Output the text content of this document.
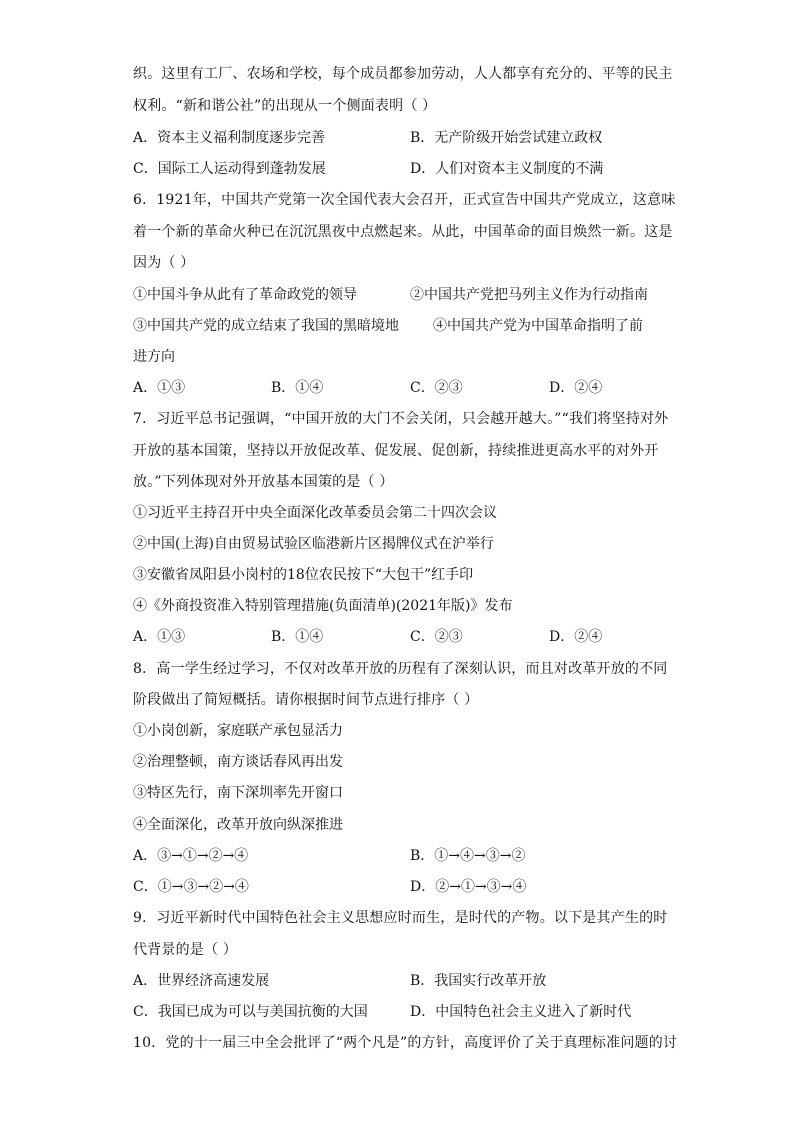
织。这里有工厂、农场和学校，每个成员都参加劳动，人人都享有充分的、平等的民主
权利。“新和谐公社”的出现从一个侧面表明（ ）
A．资本主义福利制度逐步完善	B．无产阶级开始尝试建立政权
C．国际工人运动得到蓬勃发展	D．人们对资本主义制度的不满
6．1921年，中国共产党第一次全国代表大会召开，正式宣告中国共产党成立，这意味
着一个新的革命火种已在沉沉黑夜中点燃起来。从此，中国革命的面目焕然一新。这是
因为（ ）
①中国斗争从此有了革命政党的领导	②中国共产党把马列主义作为行动指南
③中国共产党的成立结束了我国的黑暗境地 ④中国共产党为中国革命指明了前
进方向
A．①③	B．①④	C．②③	D．②④
7．习近平总书记强调，“中国开放的大门不会关闭，只会越开越大。”“我们将坚持对外
开放的基本国策，坚持以开放促改革、促发展、促创新，持续推进更高水平的对外开
放。”下列体现对外开放基本国策的是（ ）
①习近平主持召开中央全面深化改革委员会第二十四次会议
②中国(上海)自由贸易试验区临港新片区揭牌仪式在沪举行
③安徽省凤阳县小岗村的18位农民按下“大包干”红手印
④《外商投资准入特别管理措施(负面清单)(2021年版)》发布
A．①③	B．①④	C．②③	D．②④
8．高一学生经过学习，不仅对改革开放的历程有了深刻认识，而且对改革开放的不同
阶段做出了简短概括。请你根据时间节点进行排序（ ）
①小岗创新，家庭联产承包显活力
②治理整顿，南方谈话春风再出发
③特区先行，南下深圳率先开窗口
④全面深化，改革开放向纵深推进
A．③→①→②→④	B．①→④→③→②
C．①→③→②→④	D．②→①→③→④
9．习近平新时代中国特色社会主义思想应时而生，是时代的产物。以下是其产生的时
代背景的是（ ）
A．世界经济高速发展	B．我国实行改革开放
C．我国已成为可以与美国抗衡的大国	D．中国特色社会主义进入了新时代
10．党的十一届三中全会批评了“两个凡是”的方针，高度评价了关于真理标准问题的讨
